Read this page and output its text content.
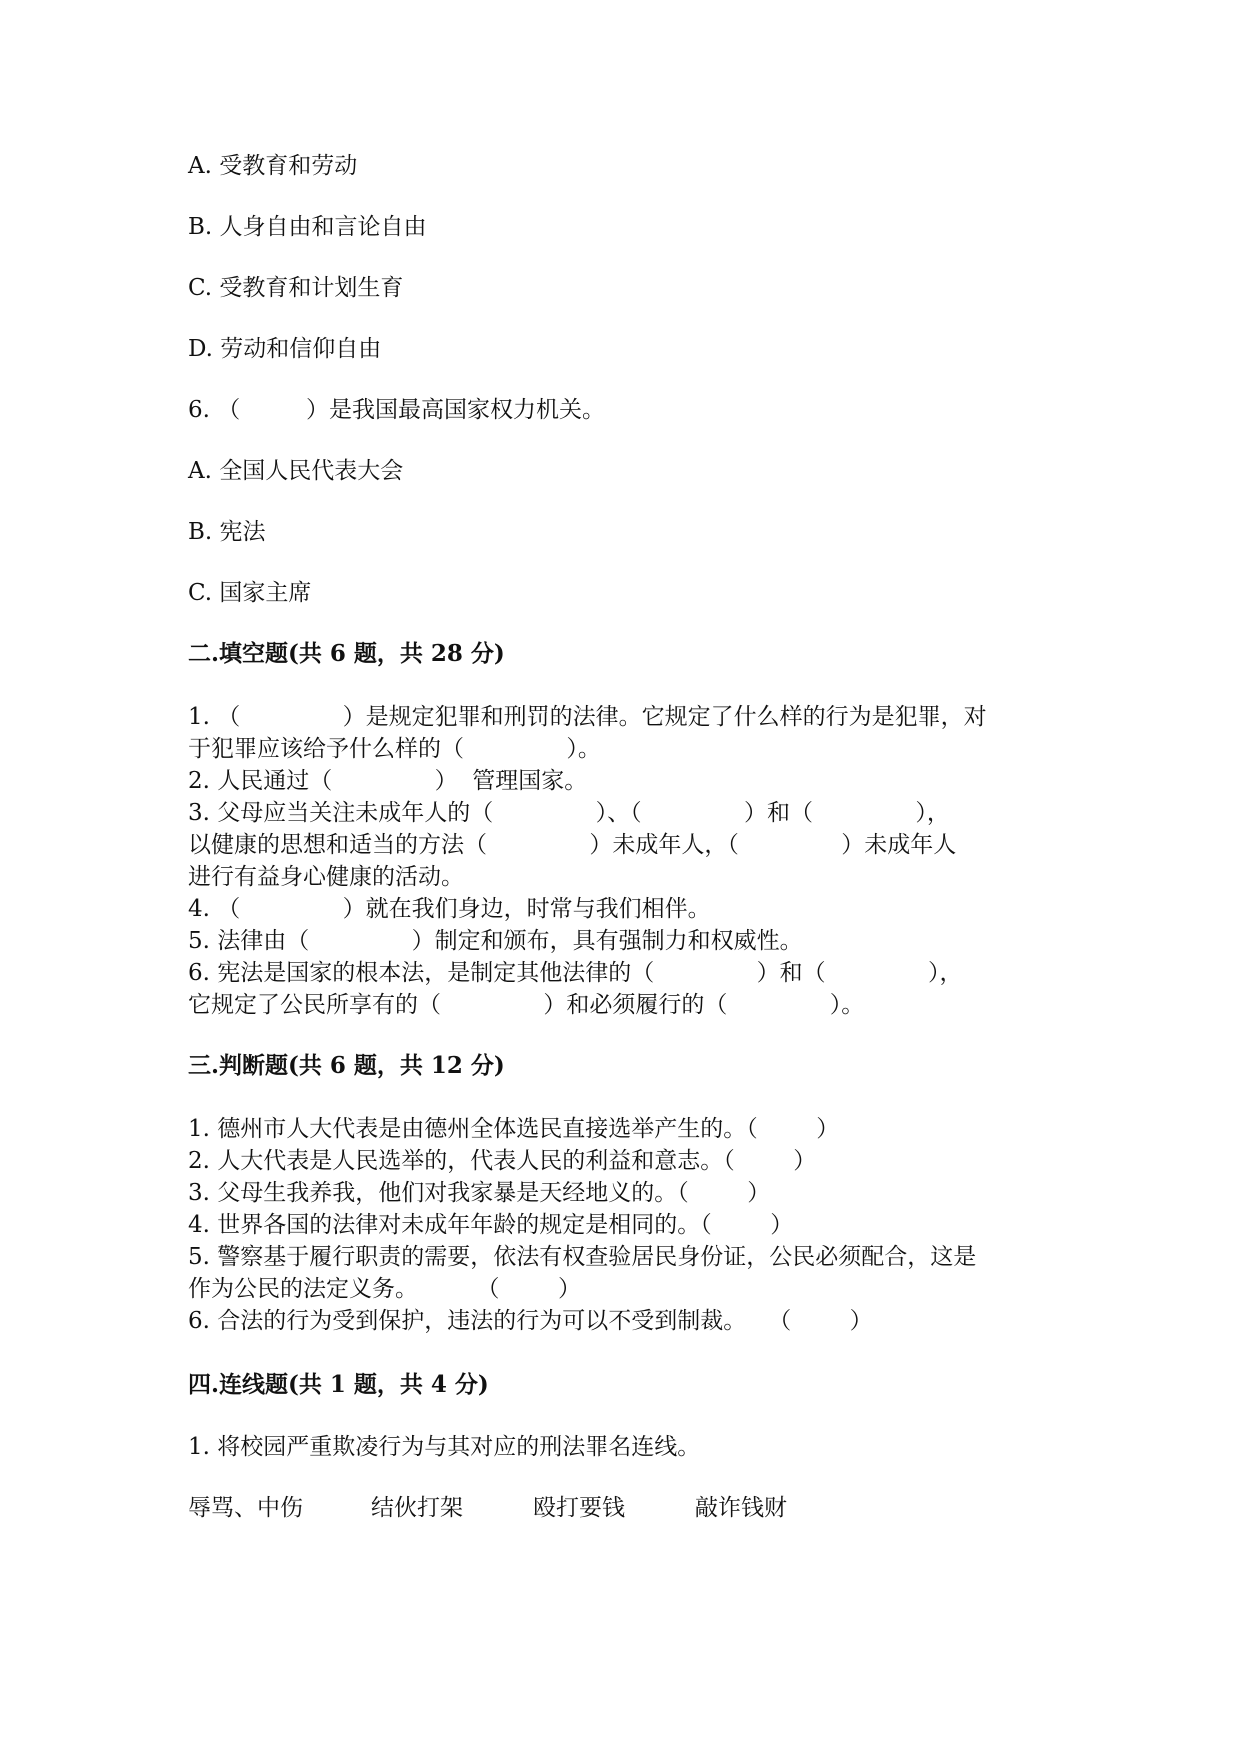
A. 受教育和劳动
B. 人身自由和言论自由
C. 受教育和计划生育
D. 劳动和信仰自由
6. （         ）是我国最高国家权力机关。
A. 全国人民代表大会
B. 宪法
C. 国家主席
二.填空题(共 6 题，共 28 分)
1. （              ）是规定犯罪和刑罚的法律。它规定了什么样的行为是犯罪，对
于犯罪应该给予什么样的（              ）。
2. 人民通过（              ）  管理国家。
3. 父母应当关注未成年人的（              ）、（              ）和（              ），
以健康的思想和适当的方法（              ）未成年人，（              ）未成年人
进行有益身心健康的活动。
4. （              ）就在我们身边，时常与我们相伴。
5. 法律由（              ）制定和颁布，具有强制力和权威性。
6. 宪法是国家的根本法，是制定其他法律的（              ）和（              ），
它规定了公民所享有的（              ）和必须履行的（              ）。
三.判断题(共 6 题，共 12 分)
1. 德州市人大代表是由德州全体选民直接选举产生的。（        ）
2. 人大代表是人民选举的，代表人民的利益和意志。（        ）
3. 父母生我养我，他们对我家暴是天经地义的。（        ）
4. 世界各国的法律对未成年年龄的规定是相同的。（        ）
5. 警察基于履行职责的需要，依法有权查验居民身份证，公民必须配合，这是
作为公民的法定义务。        （        ）
6. 合法的行为受到保护，违法的行为可以不受到制裁。   （        ）
四.连线题(共 1 题，共 4 分)
1. 将校园严重欺凌行为与其对应的刑法罪名连线。
辱骂、中伤	结伙打架	殴打要钱	敲诈钱财
